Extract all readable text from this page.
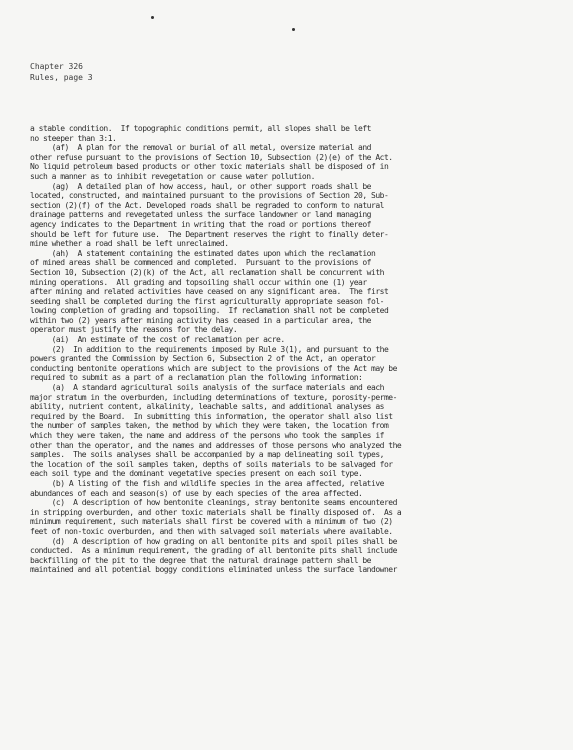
Chapter 326
Rules, page 3
a stable condition.  If topographic conditions permit, all slopes shall be left
no steeper than 3:1.
(af)  A plan for the removal or burial of all metal, oversize material and
other refuse pursuant to the provisions of Section 10, Subsection (2)(e) of the Act.
No liquid petroleum based products or other toxic materials shall be disposed of in
such a manner as to inhibit revegetation or cause water pollution.
(ag)  A detailed plan of how access, haul, or other support roads shall be
located, constructed, and maintained pursuant to the provisions of Section 20, Sub-
section (2)(f) of the Act. Developed roads shall be regraded to conform to natural
drainage patterns and revegetated unless the surface landowner or land managing
agency indicates to the Department in writing that the road or portions thereof
should be left for future use.  The Department reserves the right to finally deter-
mine whether a road shall be left unreclaimed.
(ah)  A statement containing the estimated dates upon which the reclamation
of mined areas shall be commenced and completed.  Pursuant to the provisions of
Section 10, Subsection (2)(k) of the Act, all reclamation shall be concurrent with
mining operations.  All grading and topsoiling shall occur within one (1) year
after mining and related activities have ceased on any significant area.  The first
seeding shall be completed during the first agriculturally appropriate season fol-
lowing completion of grading and topsoiling.  If reclamation shall not be completed
within two (2) years after mining activity has ceased in a particular area, the
operator must justify the reasons for the delay.
(ai)  An estimate of the cost of reclamation per acre.
(2)  In addition to the requirements imposed by Rule 3(1), and pursuant to the
powers granted the Commission by Section 6, Subsection 2 of the Act, an operator
conducting bentonite operations which are subject to the provisions of the Act may be
required to submit as a part of a reclamation plan the following information:
(a)  A standard agricultural soils analysis of the surface materials and each
major stratum in the overburden, including determinations of texture, porosity-perme-
ability, nutrient content, alkalinity, leachable salts, and additional analyses as
required by the Board.  In submitting this information, the operator shall also list
the number of samples taken, the method by which they were taken, the location from
which they were taken, the name and address of the persons who took the samples if
other than the operator, and the names and addresses of those persons who analyzed the
samples.  The soils analyses shall be accompanied by a map delineating soil types,
the location of the soil samples taken, depths of soils materials to be salvaged for
each soil type and the dominant vegetative species present on each soil type.
(b) A listing of the fish and wildlife species in the area affected, relative
abundances of each and season(s) of use by each species of the area affected.
(c)  A description of how bentonite cleanings, stray bentonite seams encountered
in stripping overburden, and other toxic materials shall be finally disposed of.  As a
minimum requirement, such materials shall first be covered with a minimum of two (2)
feet of non-toxic overburden, and then with salvaged soil materials where available.
(d)  A description of how grading on all bentonite pits and spoil piles shall be
conducted.  As a minimum requirement, the grading of all bentonite pits shall include
backfilling of the pit to the degree that the natural drainage pattern shall be
maintained and all potential boggy conditions eliminated unless the surface landowner
